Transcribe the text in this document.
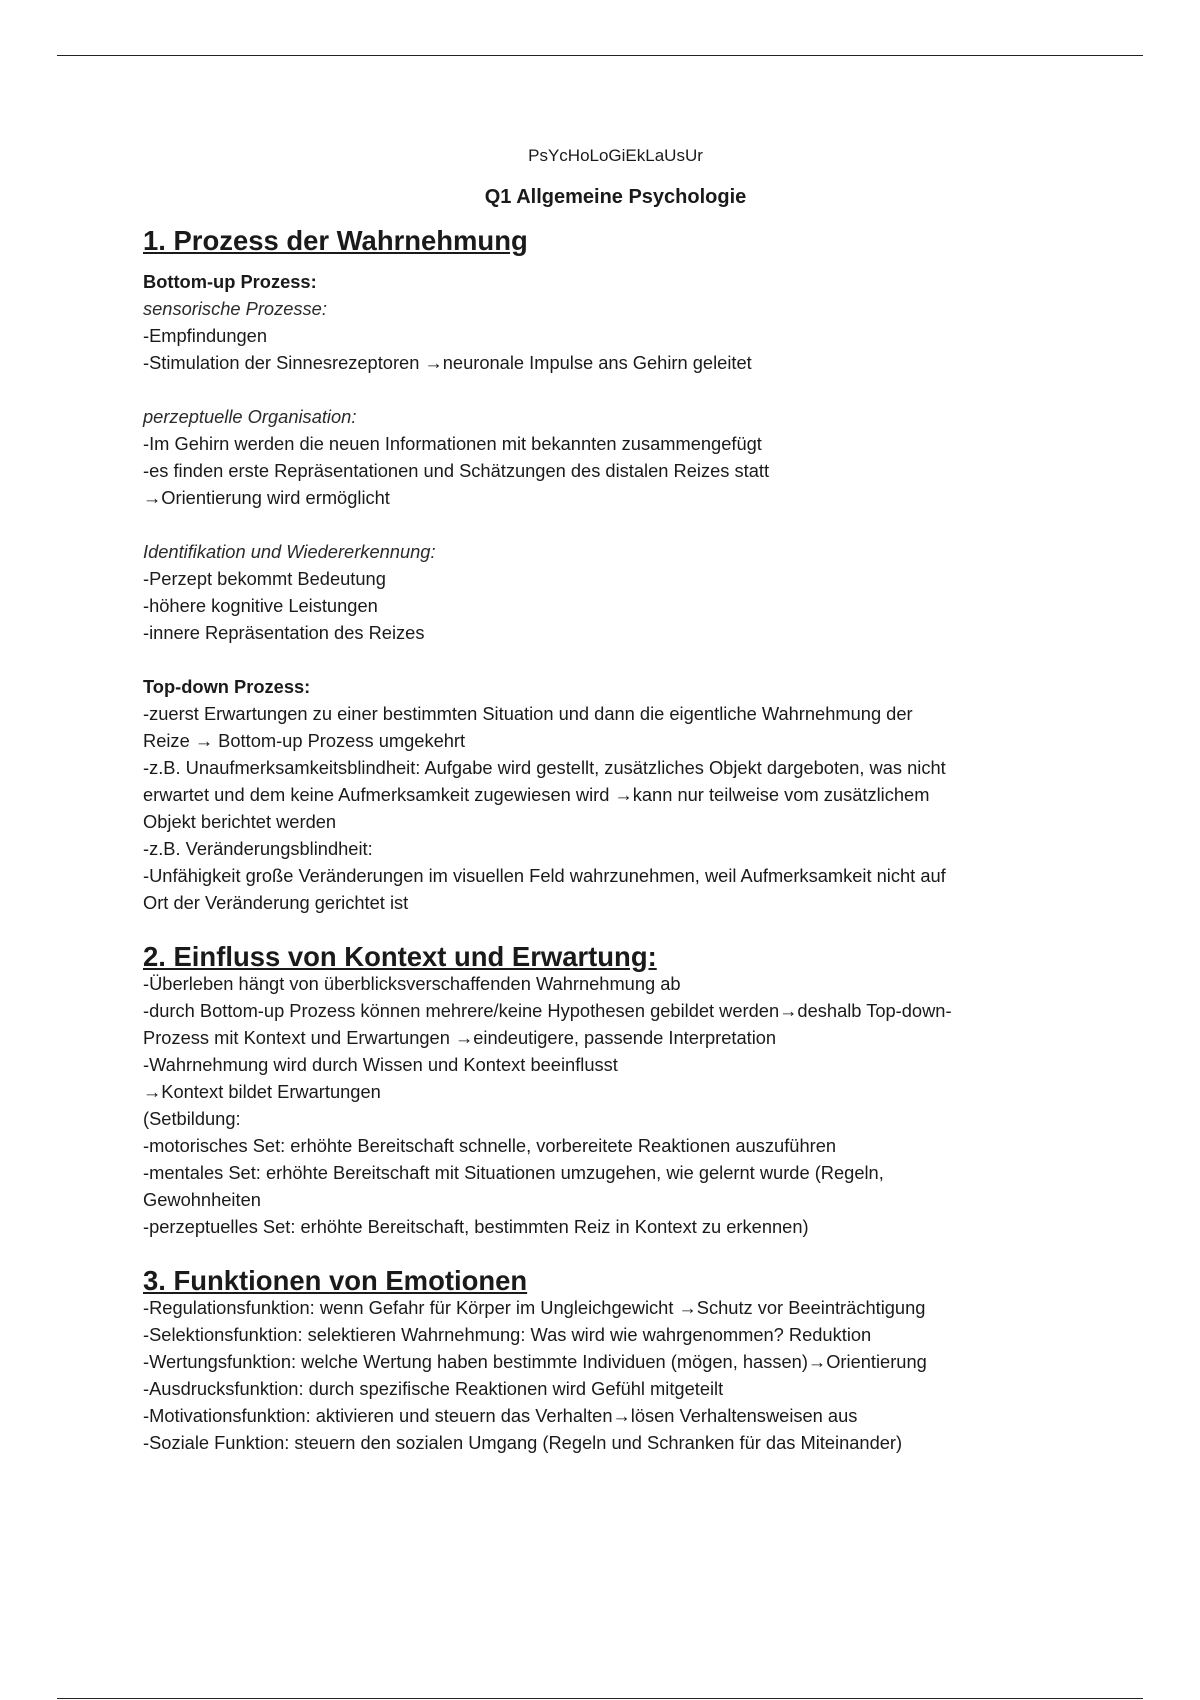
PsYcHoLoGiEkLaUsUr

Q1 Allgemeine Psychologie
1. Prozess der Wahrnehmung

Bottom-up Prozess:

sensorische Prozesse:

-Empfindungen

-Stimulation der Sinnesrezeptoren →neuronale Impulse ans Gehirn geleitet

perzeptuelle Organisation:

-Im Gehirn werden die neuen Informationen mit bekannten zusammengefügt

-es finden erste Repräsentationen und Schätzungen des distalen Reizes statt

→Orientierung wird ermöglicht

Identifikation und Wiedererkennung:

-Perzept bekommt Bedeutung

-höhere kognitive Leistungen

-innere Repräsentation des Reizes

Top-down Prozess:

-zuerst Erwartungen zu einer bestimmten Situation und dann die eigentliche Wahrnehmung der

Reize → Bottom-up Prozess umgekehrt

-z.B. Unaufmerksamkeitsblindheit: Aufgabe wird gestellt, zusätzliches Objekt dargeboten, was nicht

erwartet und dem keine Aufmerksamkeit zugewiesen wird →kann nur teilweise vom zusätzlichem

Objekt berichtet werden

-z.B. Veränderungsblindheit:

-Unfähigkeit große Veränderungen im visuellen Feld wahrzunehmen, weil Aufmerksamkeit nicht auf

Ort der Veränderung gerichtet ist

2. Einfluss von Kontext und Erwartung:

-Überleben hängt von überblicksverschaffenden Wahrnehmung ab

-durch Bottom-up Prozess können mehrere/keine Hypothesen gebildet werden→deshalb Top-down-

Prozess mit Kontext und Erwartungen →eindeutigere, passende Interpretation

-Wahrnehmung wird durch Wissen und Kontext beeinflusst

→Kontext bildet Erwartungen

(Setbildung:

-motorisches Set: erhöhte Bereitschaft schnelle, vorbereitete Reaktionen auszuführen

-mentales Set: erhöhte Bereitschaft mit Situationen umzugehen, wie gelernt wurde (Regeln,

Gewohnheiten

-perzeptuelles Set: erhöhte Bereitschaft, bestimmten Reiz in Kontext zu erkennen)

3. Funktionen von Emotionen

-Regulationsfunktion: wenn Gefahr für Körper im Ungleichgewicht →Schutz vor Beeinträchtigung

-Selektionsfunktion: selektieren Wahrnehmung: Was wird wie wahrgenommen? Reduktion

-Wertungsfunktion: welche Wertung haben bestimmte Individuen (mögen, hassen)→Orientierung

-Ausdrucksfunktion: durch spezifische Reaktionen wird Gefühl mitgeteilt

-Motivationsfunktion: aktivieren und steuern das Verhalten→lösen Verhaltensweisen aus

-Soziale Funktion: steuern den sozialen Umgang (Regeln und Schranken für das Miteinander)
